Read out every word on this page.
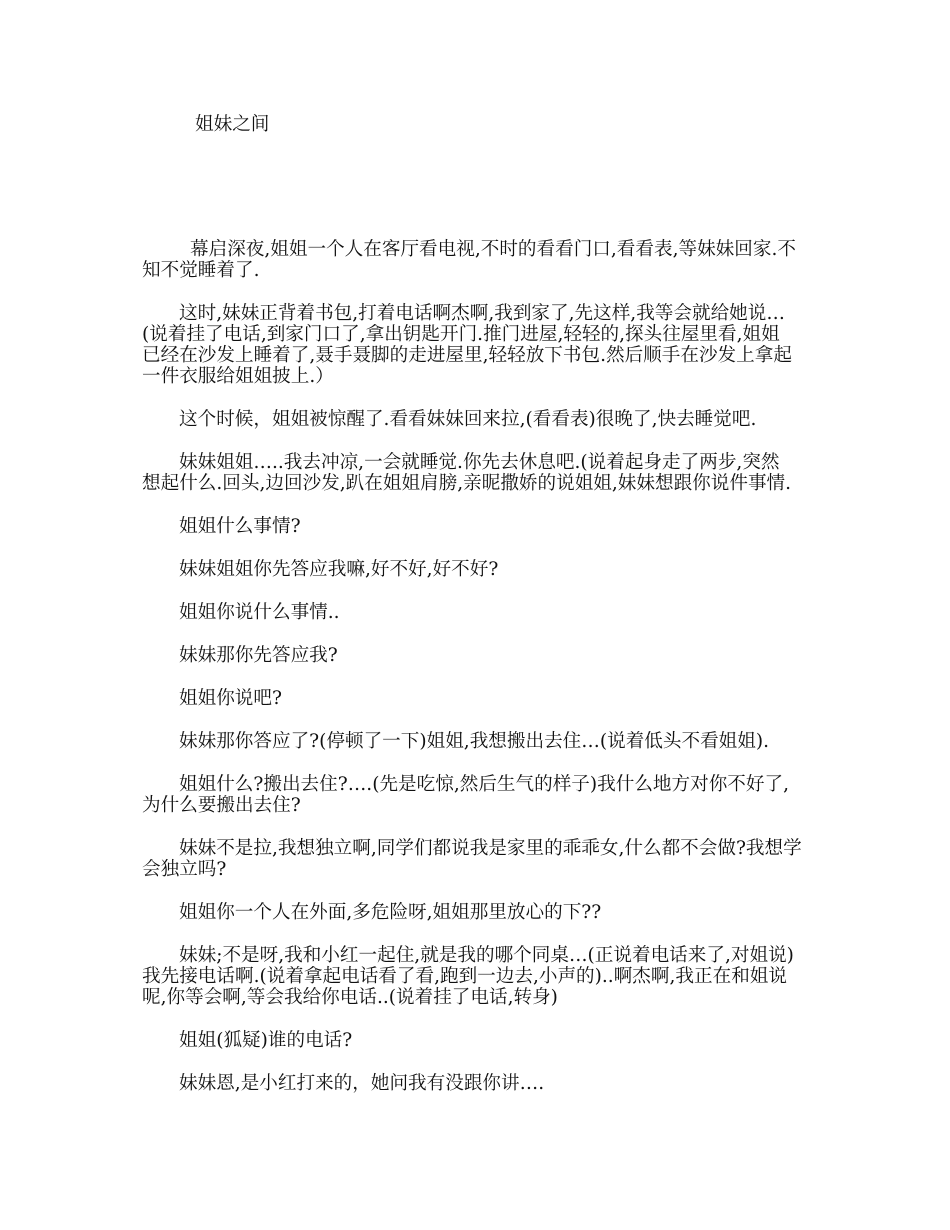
姐妹之间
幕启深夜,姐姐一个人在客厅看电视,不时的看看门口,看看表,等妹妹回家.不
知不觉睡着了.
这时,妹妹正背着书包,打着电话啊杰啊,我到家了,先这样,我等会就给她说…
(说着挂了电话,到家门口了,拿出钥匙开门.推门进屋,轻轻的,探头往屋里看,姐姐
已经在沙发上睡着了,聂手聂脚的走进屋里,轻轻放下书包.然后顺手在沙发上拿起
一件衣服给姐姐披上.）
这个时候，姐姐被惊醒了.看看妹妹回来拉,(看看表)很晚了,快去睡觉吧.
妹妹姐姐…..我去冲凉,一会就睡觉.你先去休息吧.(说着起身走了两步,突然
想起什么.回头,边回沙发,趴在姐姐肩膀,亲昵撒娇的说姐姐,妹妹想跟你说件事情.
姐姐什么事情?
妹妹姐姐你先答应我嘛,好不好,好不好?
姐姐你说什么事情..
妹妹那你先答应我?
姐姐你说吧?
妹妹那你答应了?(停顿了一下)姐姐,我想搬出去住…(说着低头不看姐姐).
姐姐什么?搬出去住?….(先是吃惊,然后生气的样子)我什么地方对你不好了,
为什么要搬出去住?
妹妹不是拉,我想独立啊,同学们都说我是家里的乖乖女,什么都不会做?我想学
会独立吗?
姐姐你一个人在外面,多危险呀,姐姐那里放心的下??
妹妹;不是呀,我和小红一起住,就是我的哪个同桌…(正说着电话来了,对姐说)
我先接电话啊.(说着拿起电话看了看,跑到一边去,小声的)..啊杰啊,我正在和姐说
呢,你等会啊,等会我给你电话..(说着挂了电话,转身)
姐姐(狐疑)谁的电话?
妹妹恩,是小红打来的，她问我有没跟你讲….
